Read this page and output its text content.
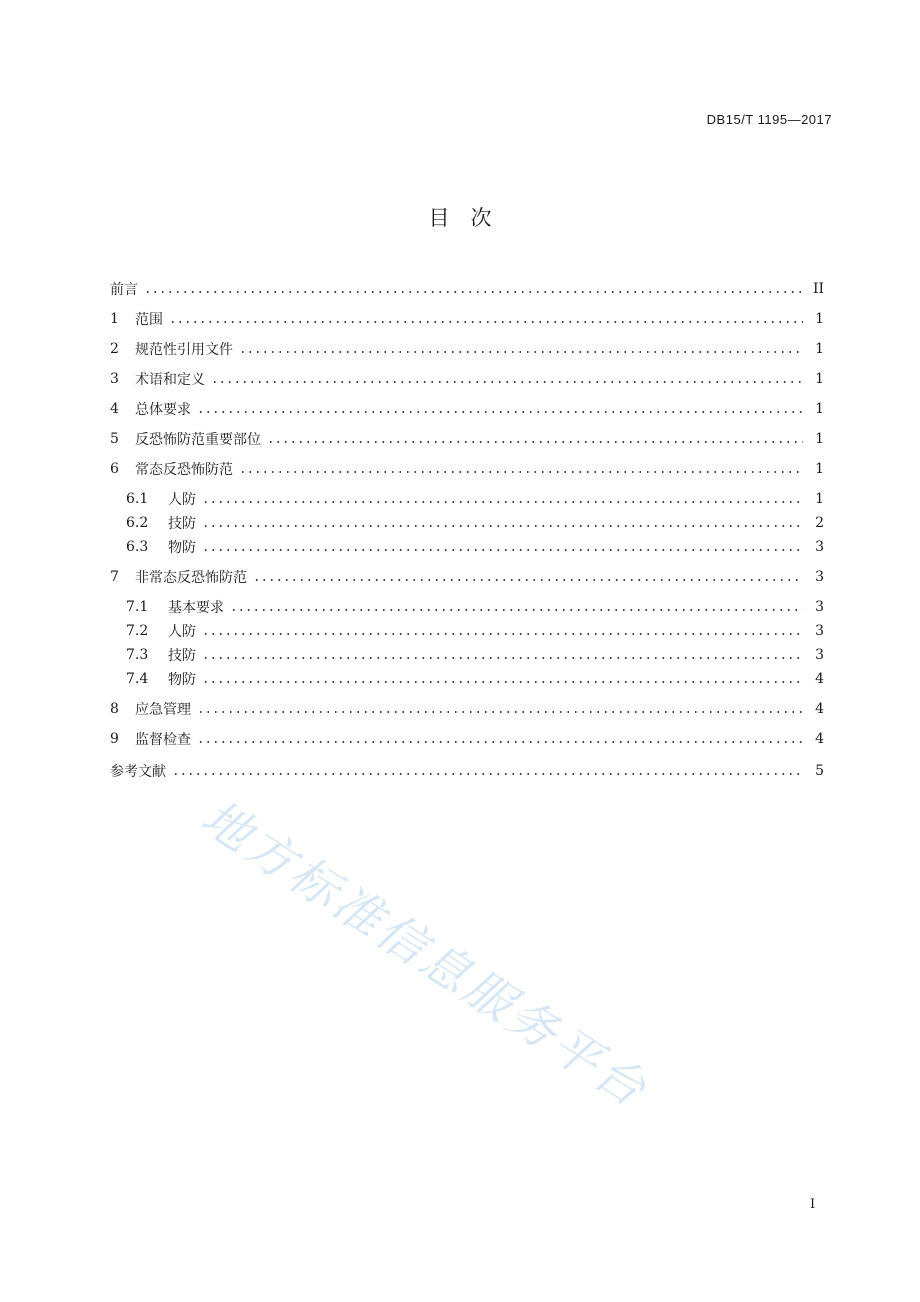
DB15/T 1195—2017
目　次
前言	II
1	范围	1
2	规范性引用文件	1
3	术语和定义	1
4	总体要求	1
5	反恐怖防范重要部位	1
6	常态反恐怖防范	1
6.1	人防	1
6.2	技防	2
6.3	物防	3
7	非常态反恐怖防范	3
7.1	基本要求	3
7.2	人防	3
7.3	技防	3
7.4	物防	4
8	应急管理	4
9	监督检查	4
参考文献	5
地方标准信息服务平台
I
